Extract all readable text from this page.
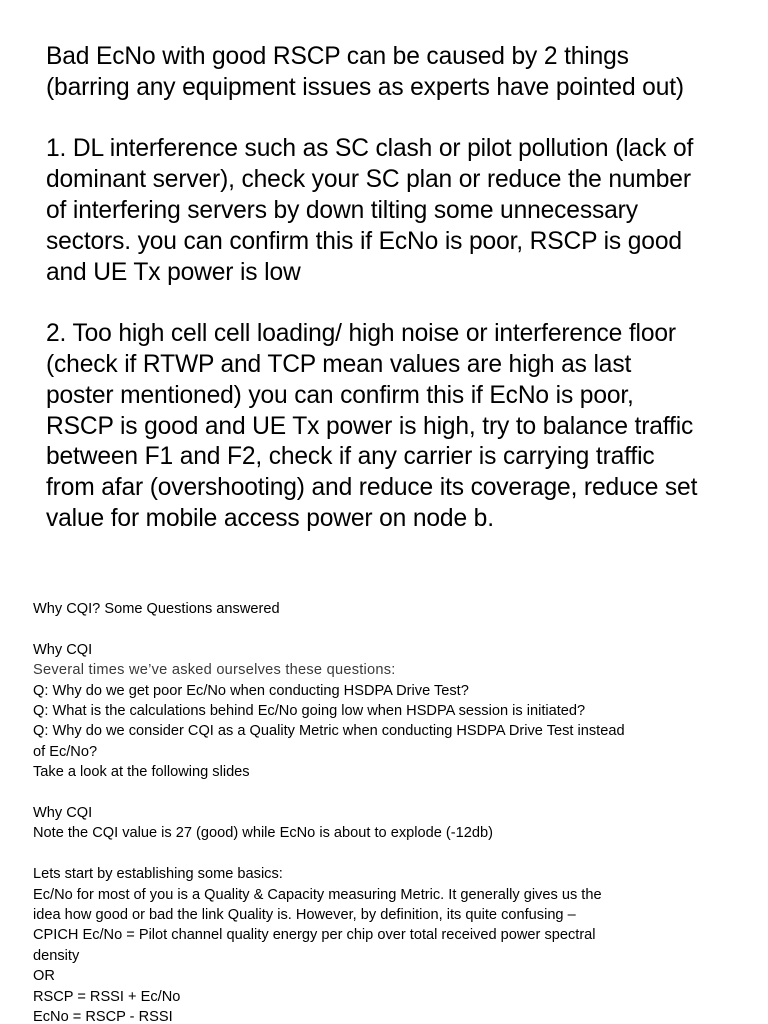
Bad EcNo with good RSCP can be caused by 2 things
(barring any equipment issues as experts have pointed out)
1. DL interference such as SC clash or pilot pollution (lack of
dominant server), check your SC plan or reduce the number
of interfering servers by down tilting some unnecessary
sectors. you can confirm this if EcNo is poor, RSCP is good
and UE Tx power is low
2. Too high cell cell loading/ high noise or interference floor
(check if RTWP and TCP mean values are high as last
poster mentioned) you can confirm this if EcNo is poor,
RSCP is good and UE Tx power is high, try to balance traffic
between F1 and F2, check if any carrier is carrying traffic
from afar (overshooting) and reduce its coverage, reduce set
value for mobile access power on node b.
Why CQI? Some Questions answered
Why CQI
Several times we’ve asked ourselves these questions:
Q: Why do we get poor Ec/No when conducting HSDPA Drive Test?
Q: What is the calculations behind Ec/No going low when HSDPA session is initiated?
Q: Why do we consider CQI as a Quality Metric when conducting HSDPA Drive Test instead
of Ec/No?
Take a look at the following slides
Why CQI
Note the CQI value is 27 (good) while EcNo is about to explode (-12db)
Lets start by establishing some basics:
Ec/No for most of you is a Quality & Capacity measuring Metric. It generally gives us the
idea how good or bad the link Quality is. However, by definition, its quite confusing –
CPICH Ec/No = Pilot channel quality energy per chip over total received power spectral
density
OR
RSCP = RSSI + Ec/No
EcNo = RSCP - RSSI
